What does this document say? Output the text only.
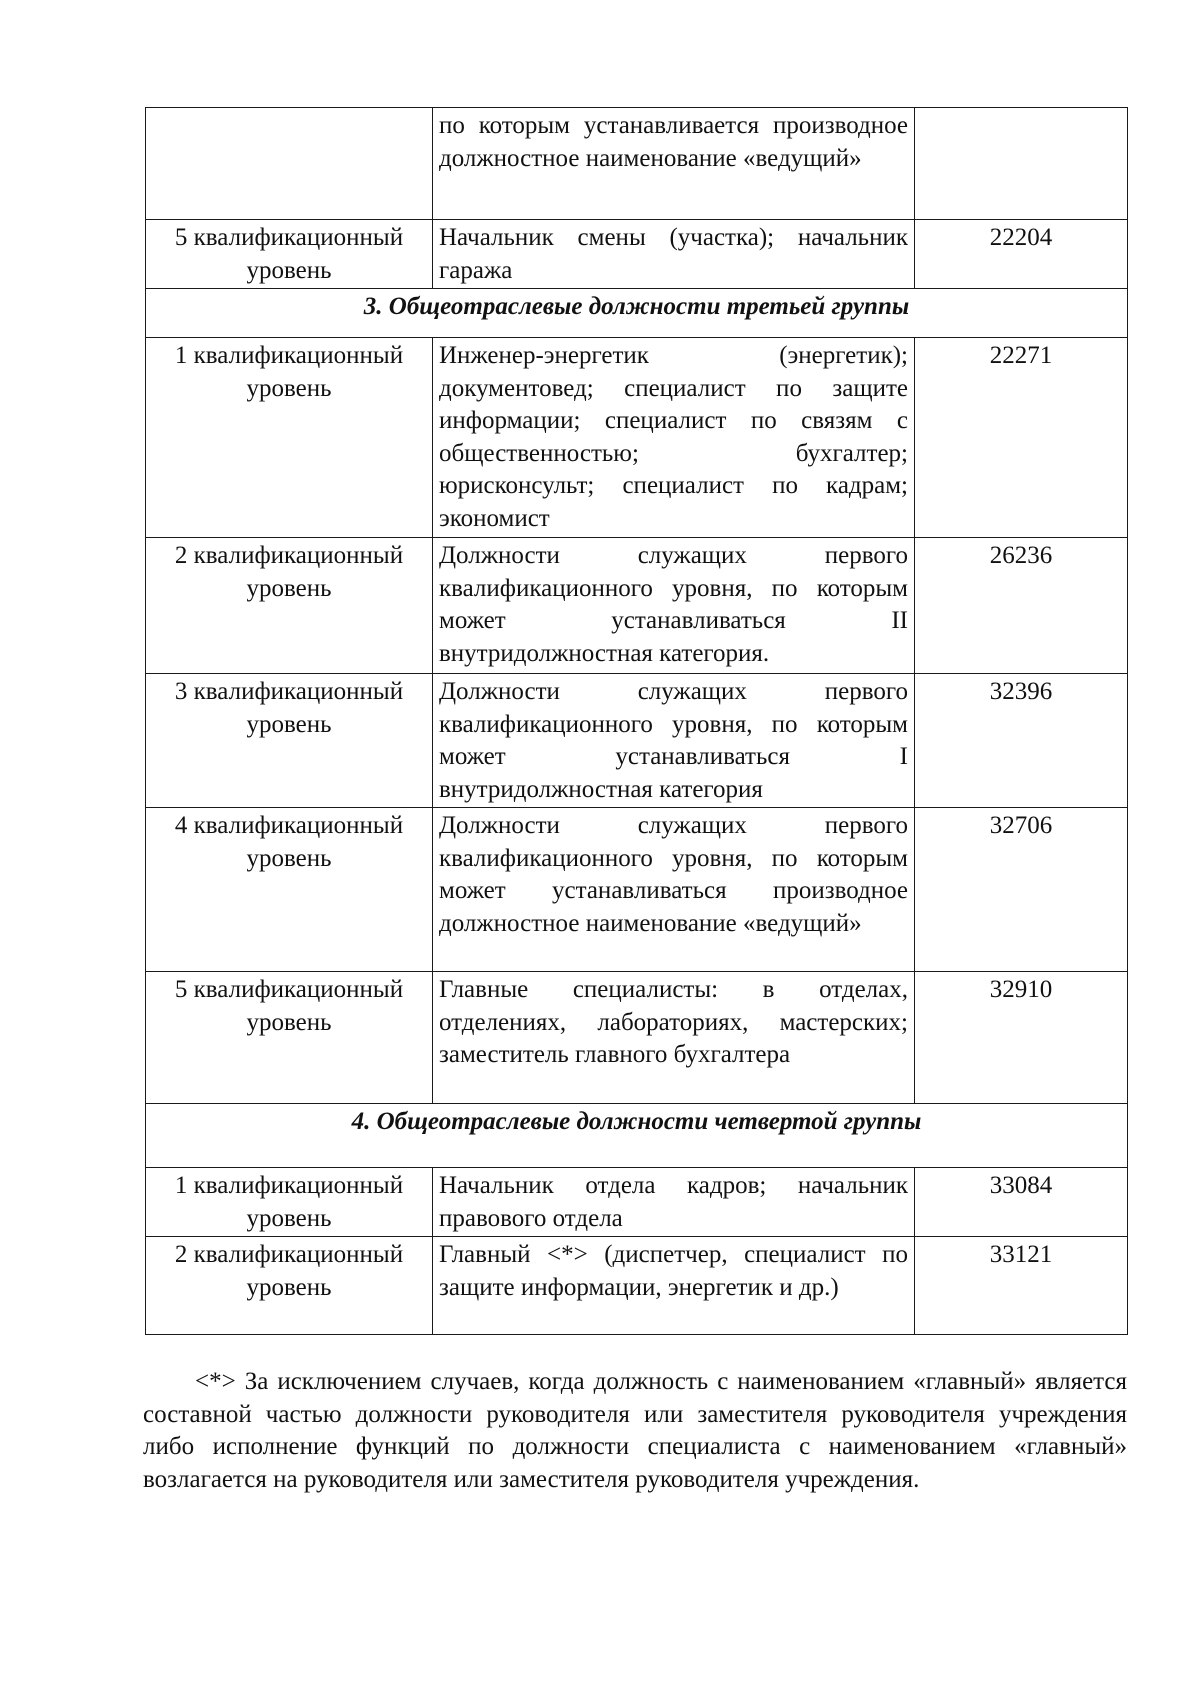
	по которым устанавливается производное должностное наименование «ведущий»	
5 квалификационный уровень	Начальник смены (участка); начальник гаража	22204
3. Общеотраслевые должности третьей группы		
1 квалификационный уровень	Инженер-энергетик (энергетик); документовед; специалист по защите информации; специалист по связям с общественностью; бухгалтер; юрисконсульт; специалист по кадрам; экономист	22271
2 квалификационный уровень	Должности служащих первого квалификационного уровня, по которым может устанавливаться II внутридолжностная категория.	26236
3 квалификационный уровень	Должности служащих первого квалификационного уровня, по которым может устанавливаться I внутридолжностная категория	32396
4 квалификационный уровень	Должности служащих первого квалификационного уровня, по которым может устанавливаться производное должностное наименование «ведущий»	32706
5 квалификационный уровень	Главные специалисты: в отделах, отделениях, лабораториях, мастерских; заместитель главного бухгалтера	32910
4. Общеотраслевые должности четвертой группы		
1 квалификационный уровень	Начальник отдела кадров; начальник правового отдела	33084
2 квалификационный уровень	Главный <*> (диспетчер, специалист по защите информации, энергетик и др.)	33121

<*> За исключением случаев, когда должность с наименованием «главный» является составной частью должности руководителя или заместителя руководителя учреждения либо исполнение функций по должности специалиста с наименованием «главный» возлагается на руководителя или заместителя руководителя учреждения.
